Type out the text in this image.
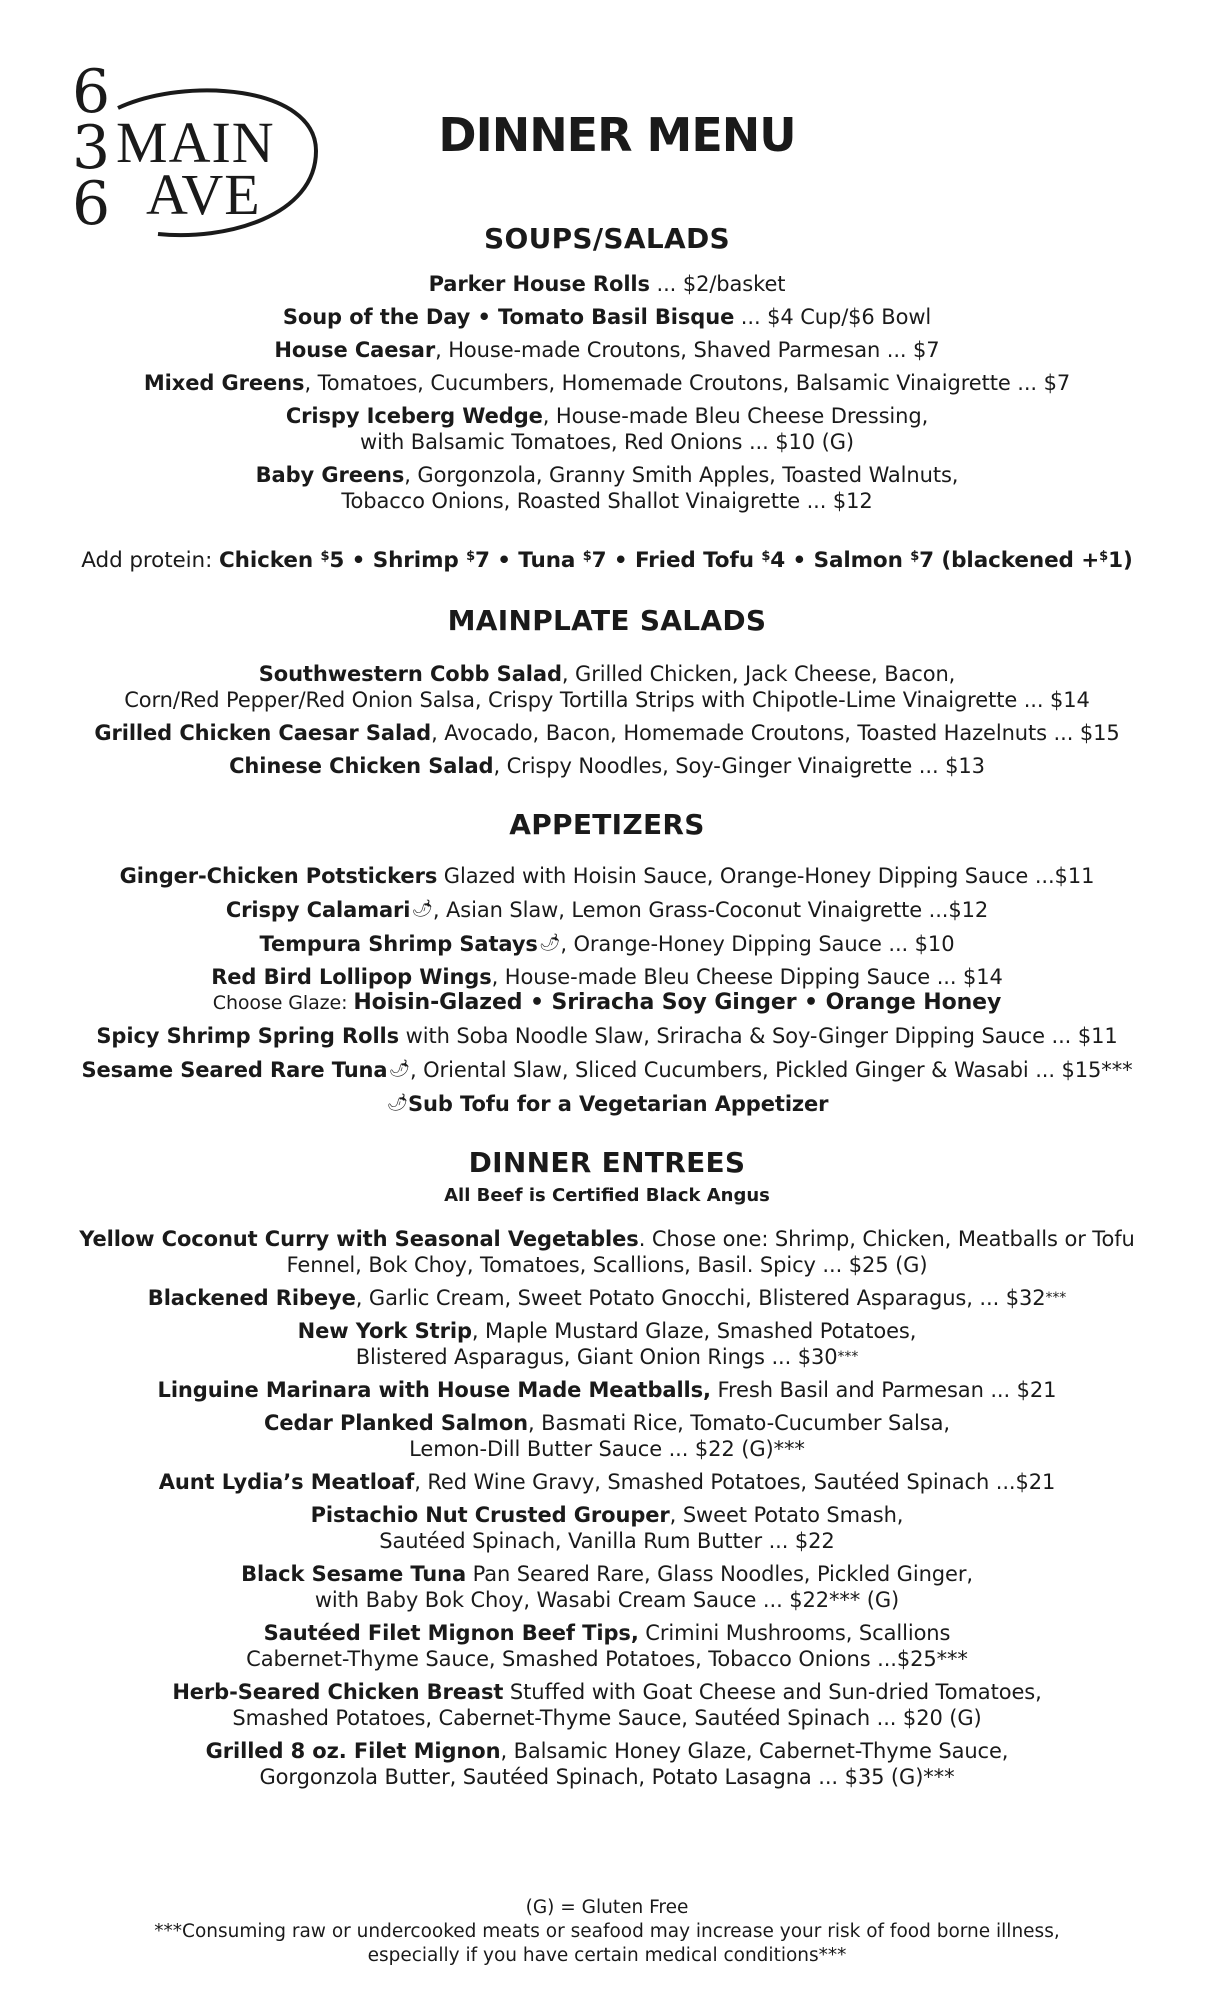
6
3
6
MAIN
AVE
DINNER MENU
SOUPS/SALADS
Parker House Rolls ... $2/basket
Soup of the Day • Tomato Basil Bisque ... $4 Cup/$6 Bowl
House Caesar, House-made Croutons, Shaved Parmesan ... $7
Mixed Greens, Tomatoes, Cucumbers, Homemade Croutons, Balsamic Vinaigrette ... $7
Crispy Iceberg Wedge, House-made Bleu Cheese Dressing,
with Balsamic Tomatoes, Red Onions ... $10 (G)
Baby Greens, Gorgonzola, Granny Smith Apples, Toasted Walnuts,
Tobacco Onions, Roasted Shallot Vinaigrette ... $12
Add protein: Chicken $5 • Shrimp $7 • Tuna $7 • Fried Tofu $4 • Salmon $7 (blackened +$1)
MAINPLATE SALADS
Southwestern Cobb Salad, Grilled Chicken, Jack Cheese, Bacon,
Corn/Red Pepper/Red Onion Salsa, Crispy Tortilla Strips with Chipotle-Lime Vinaigrette ... $14
Grilled Chicken Caesar Salad, Avocado, Bacon, Homemade Croutons, Toasted Hazelnuts ... $15
Chinese Chicken Salad, Crispy Noodles, Soy-Ginger Vinaigrette ... $13
APPETIZERS
Ginger-Chicken Potstickers Glazed with Hoisin Sauce, Orange-Honey Dipping Sauce ...$11
Crispy Calamari🌶, Asian Slaw, Lemon Grass-Coconut Vinaigrette ...$12
Tempura Shrimp Satays🌶, Orange-Honey Dipping Sauce ... $10
Red Bird Lollipop Wings, House-made Bleu Cheese Dipping Sauce ... $14
Choose Glaze: Hoisin-Glazed • Sriracha Soy Ginger • Orange Honey
Spicy Shrimp Spring Rolls with Soba Noodle Slaw, Sriracha & Soy-Ginger Dipping Sauce ... $11
Sesame Seared Rare Tuna🌶, Oriental Slaw, Sliced Cucumbers, Pickled Ginger & Wasabi ... $15***
🌶Sub Tofu for a Vegetarian Appetizer
DINNER ENTREES
All Beef is Certified Black Angus
Yellow Coconut Curry with Seasonal Vegetables. Chose one: Shrimp, Chicken, Meatballs or Tofu
Fennel, Bok Choy, Tomatoes, Scallions, Basil. Spicy ... $25 (G)
Blackened Ribeye, Garlic Cream, Sweet Potato Gnocchi, Blistered Asparagus, ... $32***
New York Strip, Maple Mustard Glaze, Smashed Potatoes,
Blistered Asparagus, Giant Onion Rings ... $30***
Linguine Marinara with House Made Meatballs, Fresh Basil and Parmesan ... $21
Cedar Planked Salmon, Basmati Rice, Tomato-Cucumber Salsa,
Lemon-Dill Butter Sauce ... $22 (G)***
Aunt Lydia’s Meatloaf, Red Wine Gravy, Smashed Potatoes, Sautéed Spinach ...$21
Pistachio Nut Crusted Grouper, Sweet Potato Smash,
Sautéed Spinach, Vanilla Rum Butter ... $22
Black Sesame Tuna Pan Seared Rare, Glass Noodles, Pickled Ginger,
with Baby Bok Choy, Wasabi Cream Sauce ... $22*** (G)
Sautéed Filet Mignon Beef Tips, Crimini Mushrooms, Scallions
Cabernet-Thyme Sauce, Smashed Potatoes, Tobacco Onions ...$25***
Herb-Seared Chicken Breast Stuffed with Goat Cheese and Sun-dried Tomatoes,
Smashed Potatoes, Cabernet-Thyme Sauce, Sautéed Spinach ... $20 (G)
Grilled 8 oz. Filet Mignon, Balsamic Honey Glaze, Cabernet-Thyme Sauce,
Gorgonzola Butter, Sautéed Spinach, Potato Lasagna ... $35 (G)***
(G) = Gluten Free
***Consuming raw or undercooked meats or seafood may increase your risk of food borne illness,
especially if you have certain medical conditions***
